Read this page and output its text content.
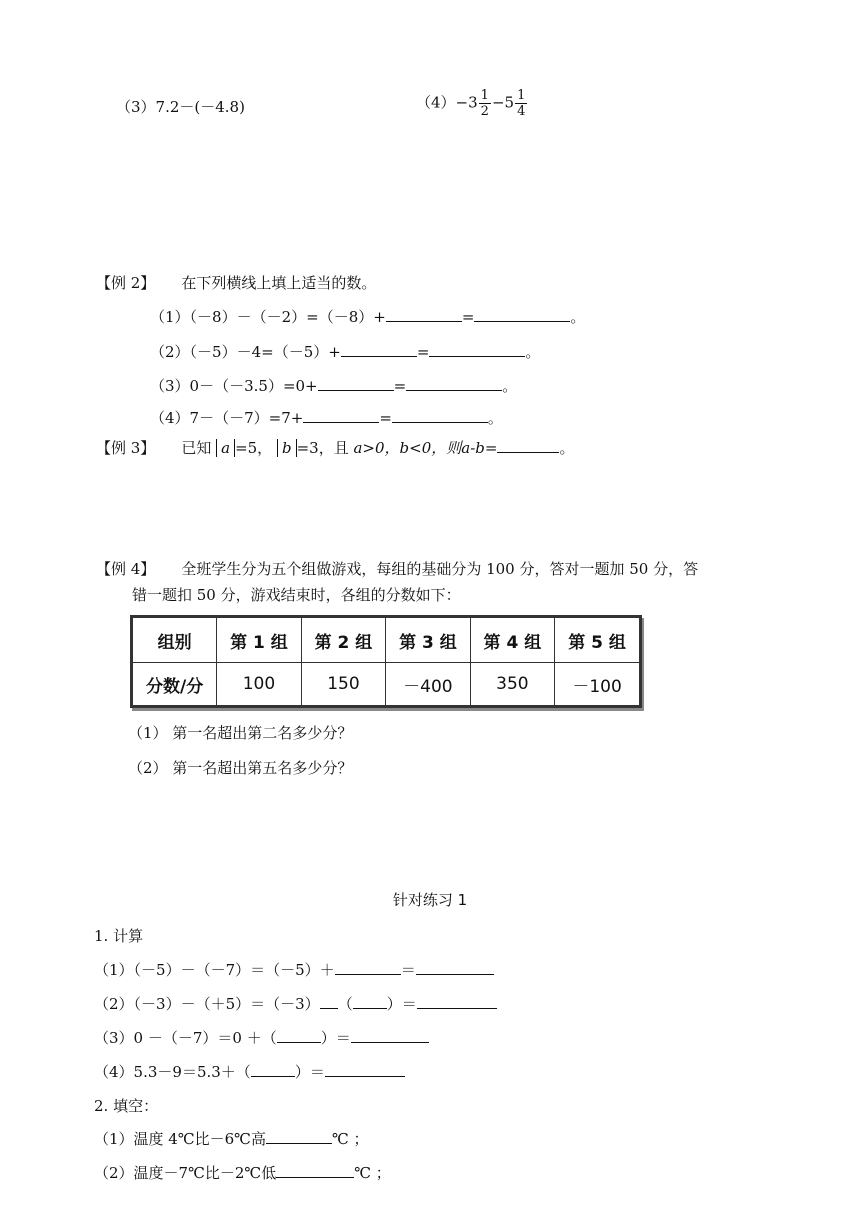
（3）7.2－(－4.8)	$(4)-3 \frac{1}{2} -5 \frac{1}{4}$
【例 2】 在下列横线上填上适当的数。
（1）（－8）－（－2）=（－8）+	=	。
（2）（－5）－4=（－5）+	=	。
（3）0－（－3.5）=0+	=	。
（4）7－（－7）=7+	=	。
【例 3】 已知 a =5， b =3，且 a>0，b<0，则a-b=	。
【例 4】 全班学生分为五个组做游戏，每组的基础分为 100 分，答对一题加 50 分，答
错一题扣 50 分，游戏结束时，各组的分数如下：
组别	第 1 组	第 2 组	第 3 组	第 4 组	第 5 组
分数/分	100	150	－400	350	－100
（1） 第一名超出第二名多少分？
（2） 第一名超出第五名多少分？
针对练习 1
1. 计算
（1）（－5）－（－7）＝（－5）＋	＝
（2）（－3）－（＋5）＝（－3） （ ）＝
（3）0 －（－7）＝0 ＋（	）＝
（4）5.3－9＝5.3＋（	）＝
2. 填空：
（1）温度 4℃比－6℃高	℃ ；
（2）温度－7℃比－2℃低	℃ ；
